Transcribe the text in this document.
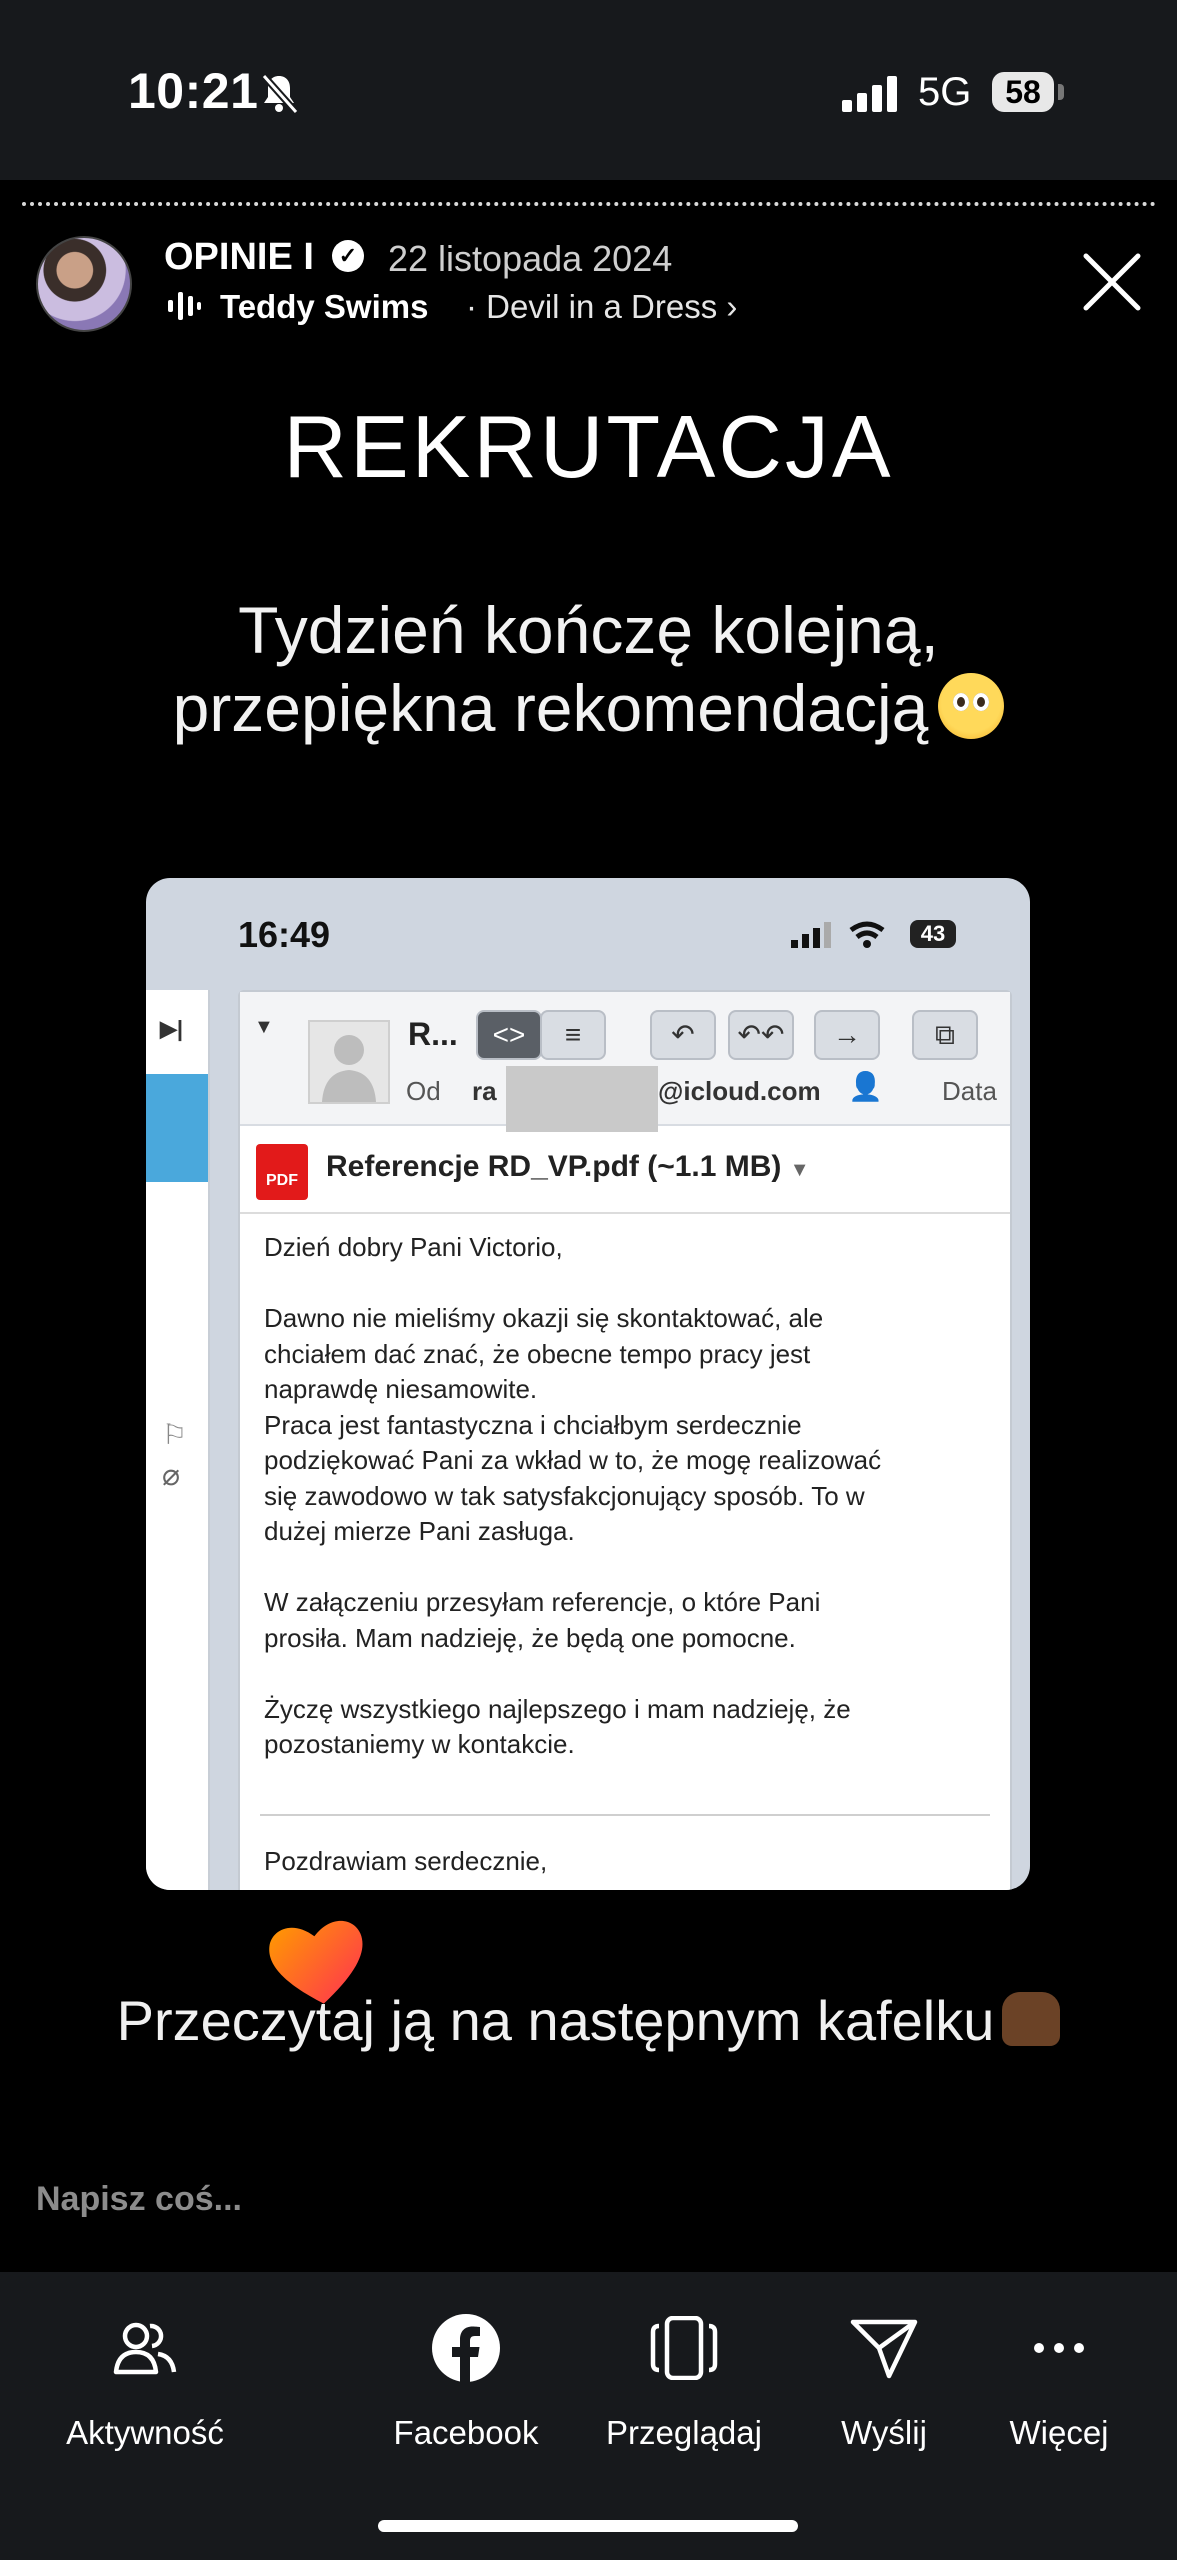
10:21	5G	58
OPINIE I	✓ 22 listopada 2024
Teddy Swims · Devil in a Dress ›
REKRUTACJA
Tydzień kończę kolejną,
przepiękna rekomendacją
16:49	43
▶|
⚐
⌀
▼	R...	<>	≡	↶	↶↶	→	⧉
Od ra	@icloud.com 👤 Data
PDF Referencje RD_VP.pdf (~1.1 MB) ▼
Dzień dobry Pani Victorio,

Dawno nie mieliśmy okazji się skontaktować, ale
chciałem dać znać, że obecne tempo pracy jest
naprawdę niesamowite.
Praca jest fantastyczna i chciałbym serdecznie
podziękować Pani za wkład w to, że mogę realizować
się zawodowo w tak satysfakcjonujący sposób. To w
dużej mierze Pani zasługa.

W załączeniu przesyłam referencje, o które Pani
prosiła. Mam nadzieję, że będą one pomocne.

Życzę wszystkiego najlepszego i mam nadzieję, że
pozostaniemy w kontakcie.
Pozdrawiam serdecznie,
Przeczytaj ją na następnym kafelku
Napisz coś...
Aktywność	Facebook	Przeglądaj	Wyślij	Więcej
